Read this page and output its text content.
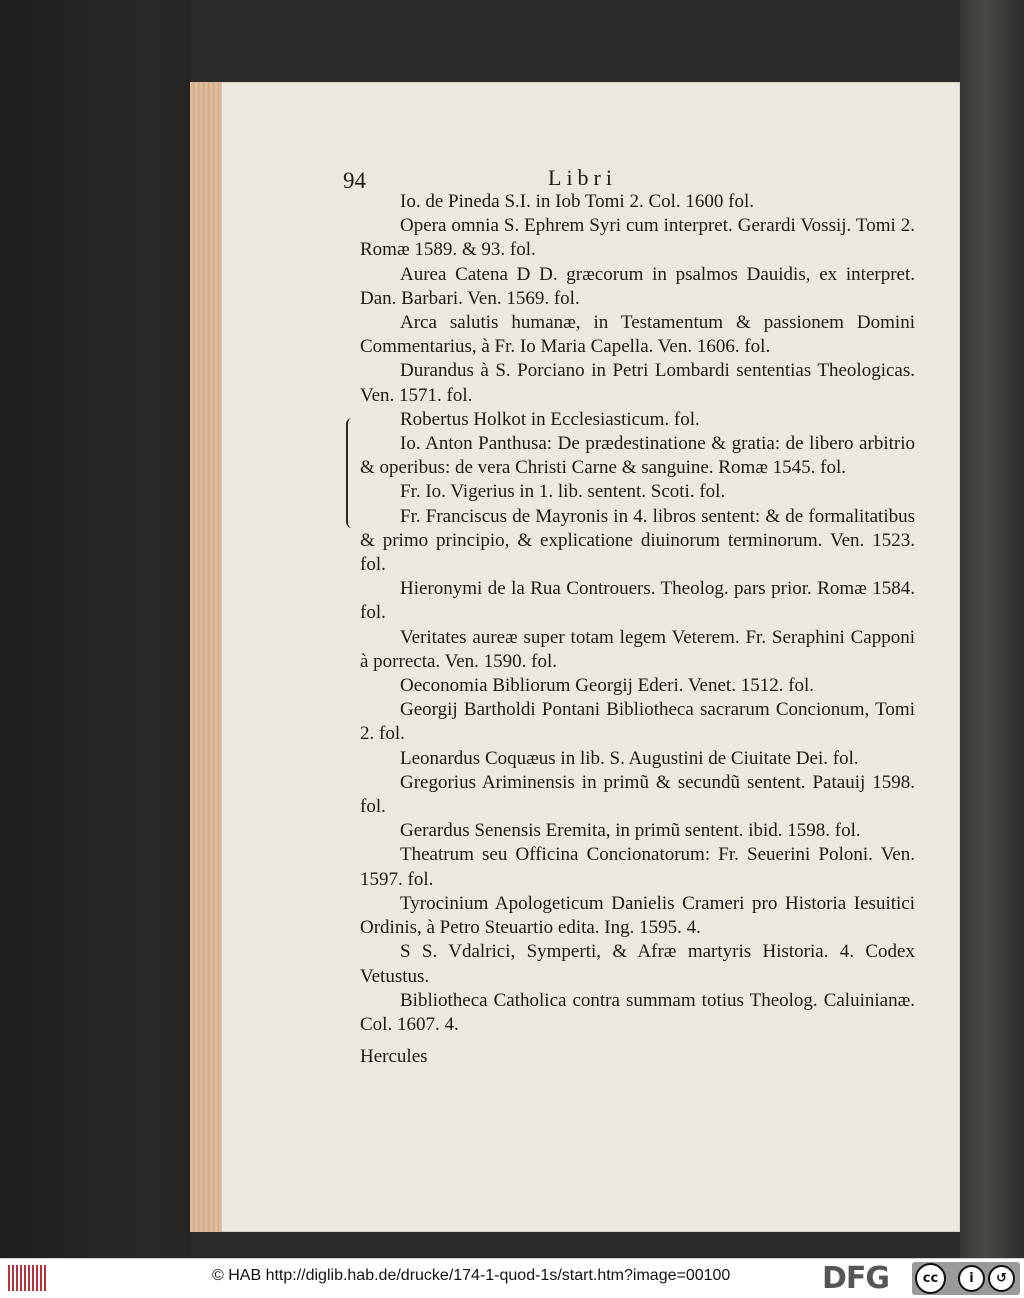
94	Libri

Io. de Pineda S.I. in Iob Tomi 2. Col. 1600 fol.

Opera omnia S. Ephrem Syri cum interpret. Gerardi Vossij. Tomi 2. Romæ 1589. & 93. fol.

Aurea Catena D D. græcorum in psalmos Dauidis, ex interpret. Dan. Barbari. Ven. 1569. fol.

Arca salutis humanæ, in Testamentum & passionem Domini Commentarius, à Fr. Io Maria Capella. Ven. 1606. fol.

Durandus à S. Porciano in Petri Lombardi sententias Theologicas. Ven. 1571. fol.

Robertus Holkot in Ecclesiasticum. fol.

Io. Anton Panthusa: De prædestinatione & gratia: de libero arbitrio & operibus: de vera Christi Carne & sanguine. Romæ 1545. fol.

Fr. Io. Vigerius in 1. lib. sentent. Scoti. fol.

Fr. Franciscus de Mayronis in 4. libros sentent: & de formalitatibus & primo principio, & explicatione diuinorum terminorum. Ven. 1523. fol.

Hieronymi de la Rua Controuers. Theolog. pars prior. Romæ 1584. fol.

Veritates aureæ super totam legem Veterem. Fr. Seraphini Capponi à porrecta. Ven. 1590. fol.

Oeconomia Bibliorum Georgij Ederi. Venet. 1512. fol.

Georgij Bartholdi Pontani Bibliotheca sacrarum Concionum, Tomi 2. fol.

Leonardus Coquæus in lib. S. Augustini de Ciuitate Dei. fol.

Gregorius Ariminensis in primũ & secundũ sentent. Patauij 1598. fol.

Gerardus Senensis Eremita, in primũ sentent. ibid. 1598. fol.

Theatrum seu Officina Concionatorum: Fr. Seuerini Poloni. Ven. 1597. fol.

Tyrocinium Apologeticum Danielis Crameri pro Historia Iesuitici Ordinis, à Petro Steuartio edita. Ing. 1595. 4.

S S. Vdalrici, Symperti, & Afræ martyris Historia. 4. Codex Vetustus.

Bibliotheca Catholica contra summam totius Theolog. Caluinianæ. Col. 1607. 4.

Hercules

© HAB http://diglib.hab.de/drucke/174-1-quod-1s/start.htm?image=00100	DFG	cc	i	↺
